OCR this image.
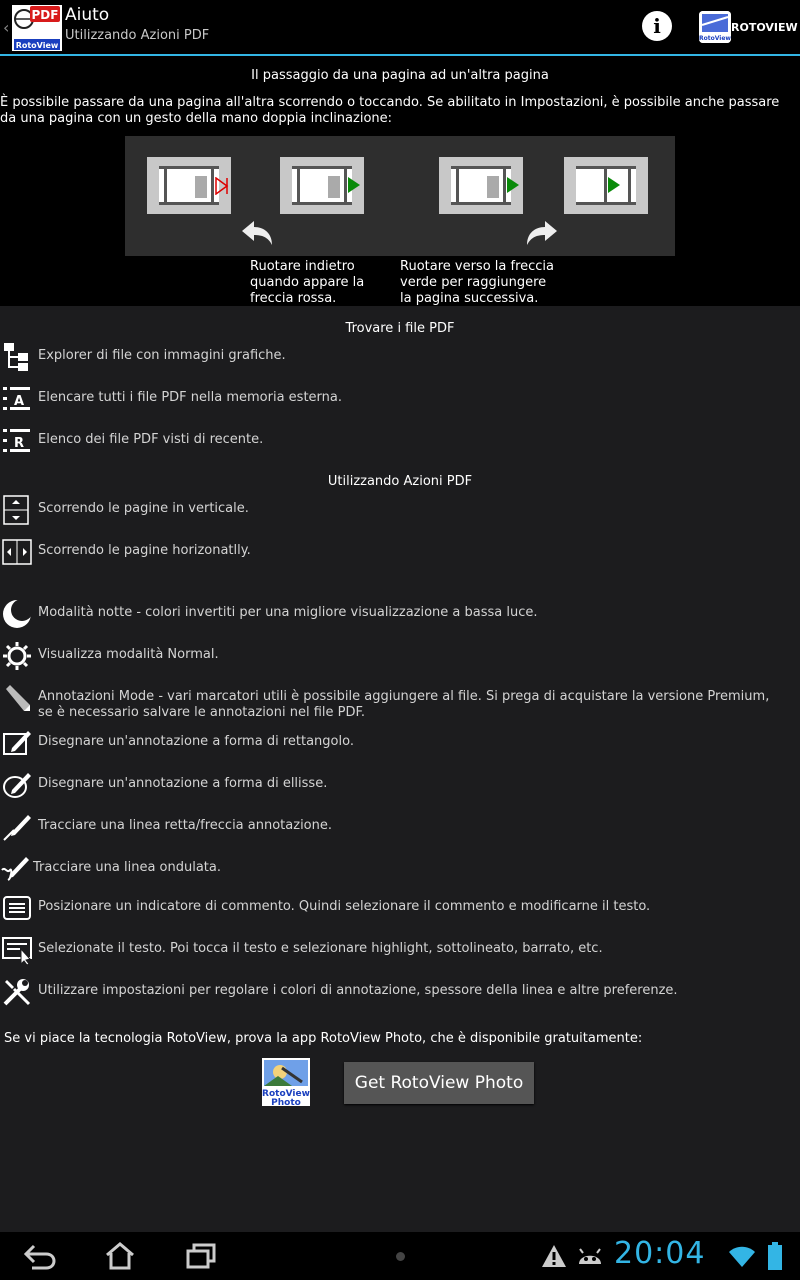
‹
PDF
RotoView
Aiuto
Utilizzando Azioni PDF	i
RotoView
ROTOVIEW
Il passaggio da una pagina ad un'altra pagina
È possibile passare da una pagina all'altra scorrendo o toccando. Se abilitato in Impostazioni, è possibile anche passare da una pagina con un gesto della mano doppia inclinazione:
Ruotare indietro quando appare la freccia rossa.
Ruotare verso la freccia verde per raggiungere la pagina successiva.
Trovare i file PDF
Explorer di file con immagini grafiche.
A Elencare tutti i file PDF nella memoria esterna.
R Elenco dei file PDF visti di recente.
Utilizzando Azioni PDF
Scorrendo le pagine in verticale.
Scorrendo le pagine horizonatlly.
Modalità notte - colori invertiti per una migliore visualizzazione a bassa luce.
Visualizza modalità Normal.
Annotazioni Mode - vari marcatori utili è possibile aggiungere al file. Si prega di acquistare la versione Premium, se è necessario salvare le annotazioni nel file PDF.
Disegnare un'annotazione a forma di rettangolo.
Disegnare un'annotazione a forma di ellisse.
Tracciare una linea retta/freccia annotazione.
Tracciare una linea ondulata.
Posizionare un indicatore di commento. Quindi selezionare il commento e modificarne il testo.
Selezionate il testo. Poi tocca il testo e selezionare highlight, sottolineato, barrato, etc.
Utilizzare impostazioni per regolare i colori di annotazione, spessore della linea e altre preferenze.
Se vi piace la tecnologia RotoView, prova la app RotoView Photo, che è disponibile gratuitamente:
RotoView
Photo
Get RotoView Photo
20:04
